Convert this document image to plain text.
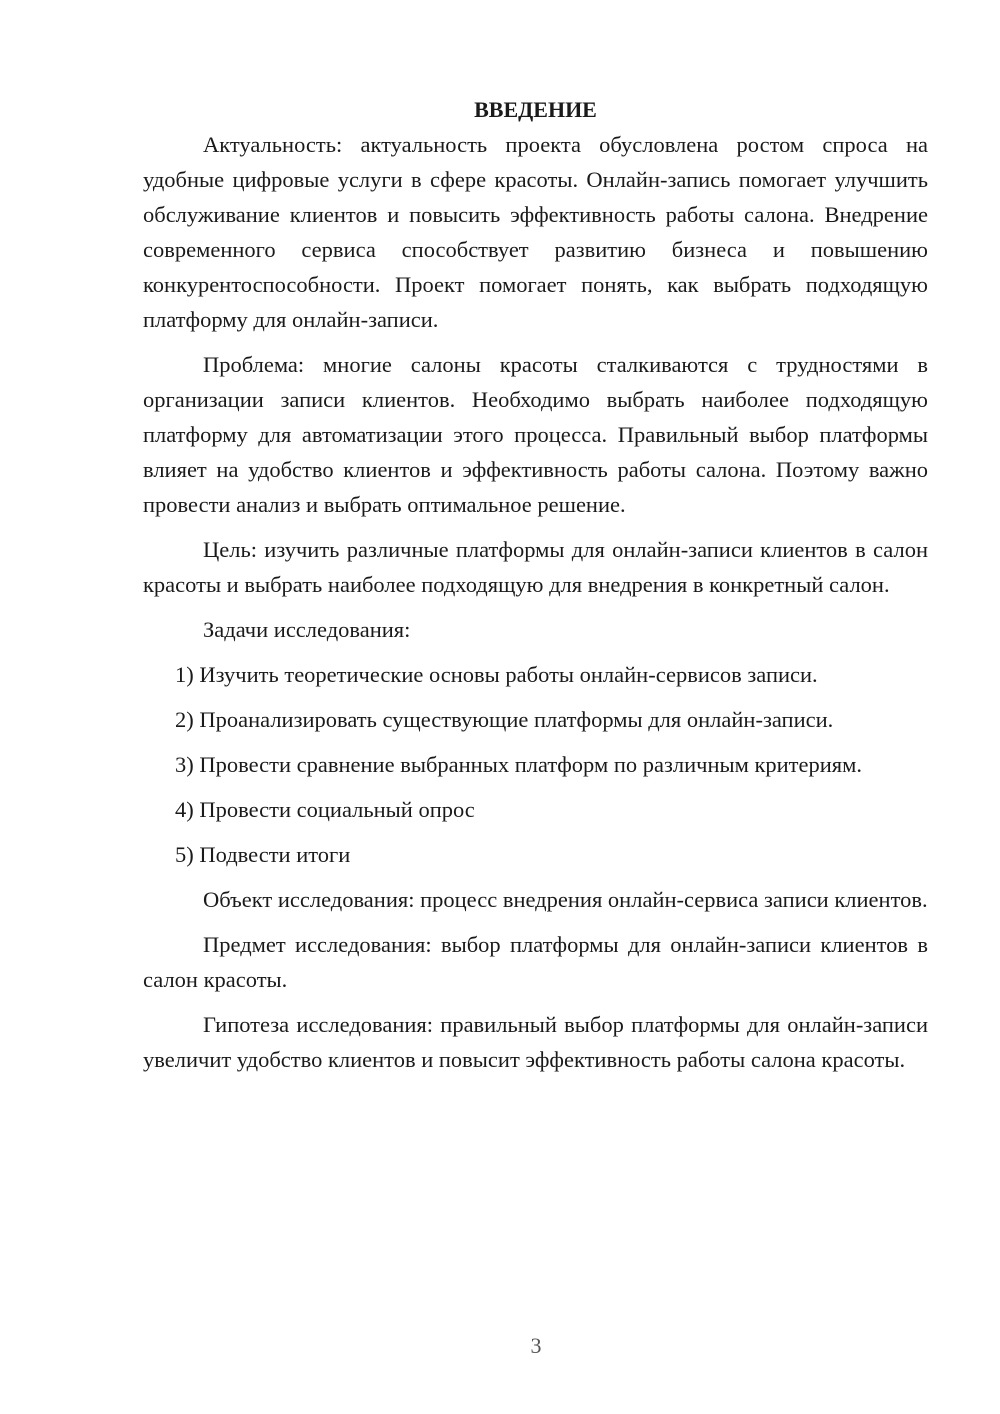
ВВЕДЕНИЕ

Актуальность: актуальность проекта обусловлена ростом спроса на удобные цифровые услуги в сфере красоты. Онлайн-запись помогает улучшить обслуживание клиентов и повысить эффективность работы салона. Внедрение современного сервиса способствует развитию бизнеса и повышению конкурентоспособности. Проект помогает понять, как выбрать подходящую платформу для онлайн-записи.

Проблема: многие салоны красоты сталкиваются с трудностями в организации записи клиентов. Необходимо выбрать наиболее подходящую платформу для автоматизации этого процесса. Правильный выбор платформы влияет на удобство клиентов и эффективность работы салона. Поэтому важно провести анализ и выбрать оптимальное решение.

Цель: изучить различные платформы для онлайн-записи клиентов в салон красоты и выбрать наиболее подходящую для внедрения в конкретный салон.

Задачи исследования:

1) Изучить теоретические основы работы онлайн-сервисов записи.

2) Проанализировать существующие платформы для онлайн-записи.

3) Провести сравнение выбранных платформ по различным критериям.

4) Провести социальный опрос

5) Подвести итоги

Объект исследования: процесс внедрения онлайн-сервиса записи клиентов.

Предмет исследования: выбор платформы для онлайн-записи клиентов в салон красоты.

Гипотеза исследования: правильный выбор платформы для онлайн-записи увеличит удобство клиентов и повысит эффективность работы салона красоты.

3
